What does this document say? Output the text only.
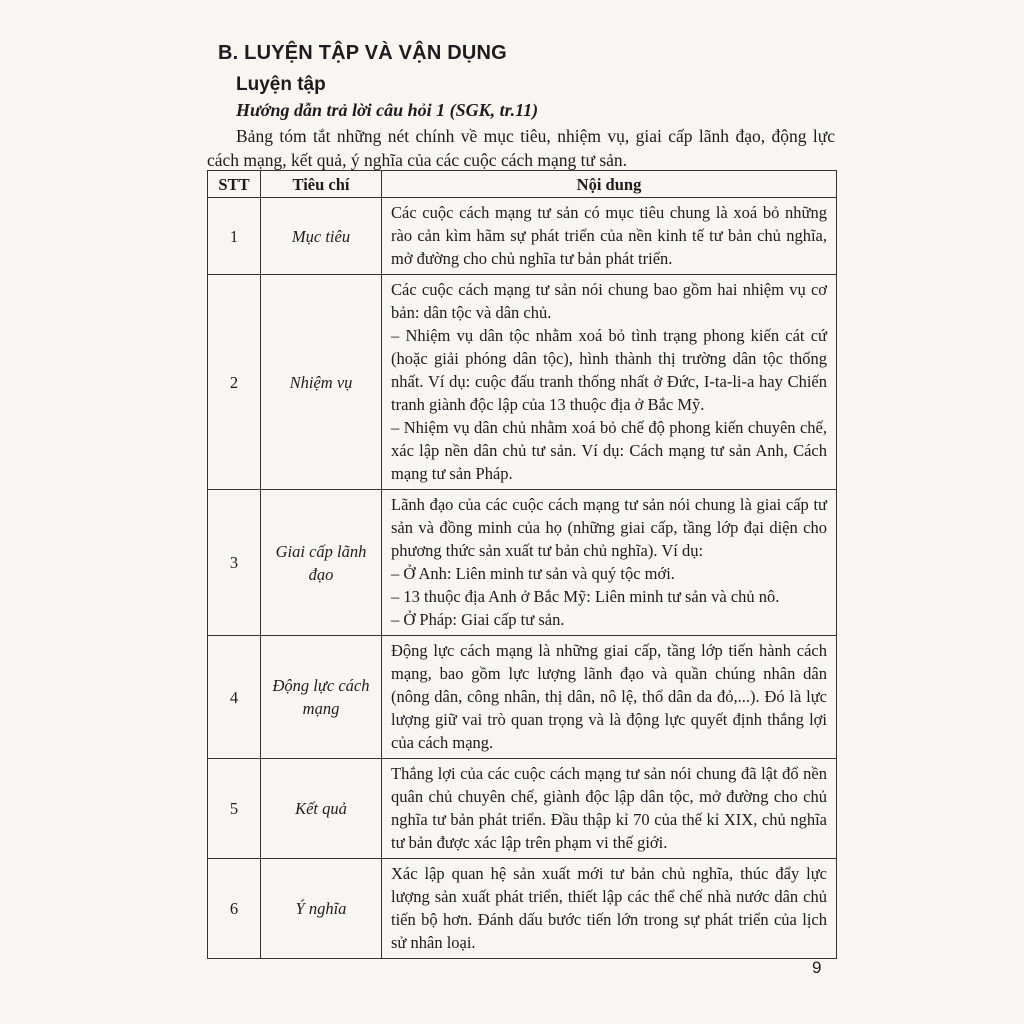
B. LUYỆN TẬP VÀ VẬN DỤNG
Luyện tập
Hướng dẫn trả lời câu hỏi 1 (SGK, tr.11)
Bảng tóm tắt những nét chính về mục tiêu, nhiệm vụ, giai cấp lãnh đạo, động lực cách mạng, kết quả, ý nghĩa của các cuộc cách mạng tư sản.
STT	Tiêu chí	Nội dung
1	Mục tiêu	Các cuộc cách mạng tư sản có mục tiêu chung là xoá bỏ những rào cản kìm hãm sự phát triển của nền kinh tế tư bản chủ nghĩa, mở đường cho chủ nghĩa tư bản phát triển.

2	Nhiệm vụ	Các cuộc cách mạng tư sản nói chung bao gồm hai nhiệm vụ cơ bản: dân tộc và dân chủ.

– Nhiệm vụ dân tộc nhằm xoá bỏ tình trạng phong kiến cát cứ (hoặc giải phóng dân tộc), hình thành thị trường dân tộc thống nhất. Ví dụ: cuộc đấu tranh thống nhất ở Đức, I-ta-li-a hay Chiến tranh giành độc lập của 13 thuộc địa ở Bắc Mỹ.

– Nhiệm vụ dân chủ nhằm xoá bỏ chế độ phong kiến chuyên chế, xác lập nền dân chủ tư sản. Ví dụ: Cách mạng tư sản Anh, Cách mạng tư sản Pháp.

3	Giai cấp lãnh đạo	Lãnh đạo của các cuộc cách mạng tư sản nói chung là giai cấp tư sản và đồng minh của họ (những giai cấp, tầng lớp đại diện cho phương thức sản xuất tư bản chủ nghĩa). Ví dụ:

– Ở Anh: Liên minh tư sản và quý tộc mới.

– 13 thuộc địa Anh ở Bắc Mỹ: Liên minh tư sản và chủ nô.

– Ở Pháp: Giai cấp tư sản.

4	Động lực cách mạng	Động lực cách mạng là những giai cấp, tầng lớp tiến hành cách mạng, bao gồm lực lượng lãnh đạo và quần chúng nhân dân (nông dân, công nhân, thị dân, nô lệ, thổ dân da đỏ,...). Đó là lực lượng giữ vai trò quan trọng và là động lực quyết định thắng lợi của cách mạng.

5	Kết quả	Thắng lợi của các cuộc cách mạng tư sản nói chung đã lật đổ nền quân chủ chuyên chế, giành độc lập dân tộc, mở đường cho chủ nghĩa tư bản phát triển. Đầu thập kỉ 70 của thế kỉ XIX, chủ nghĩa tư bản được xác lập trên phạm vi thế giới.

6	Ý nghĩa	Xác lập quan hệ sản xuất mới tư bản chủ nghĩa, thúc đẩy lực lượng sản xuất phát triển, thiết lập các thể chế nhà nước dân chủ tiến bộ hơn. Đánh dấu bước tiến lớn trong sự phát triển của lịch sử nhân loại.

9
